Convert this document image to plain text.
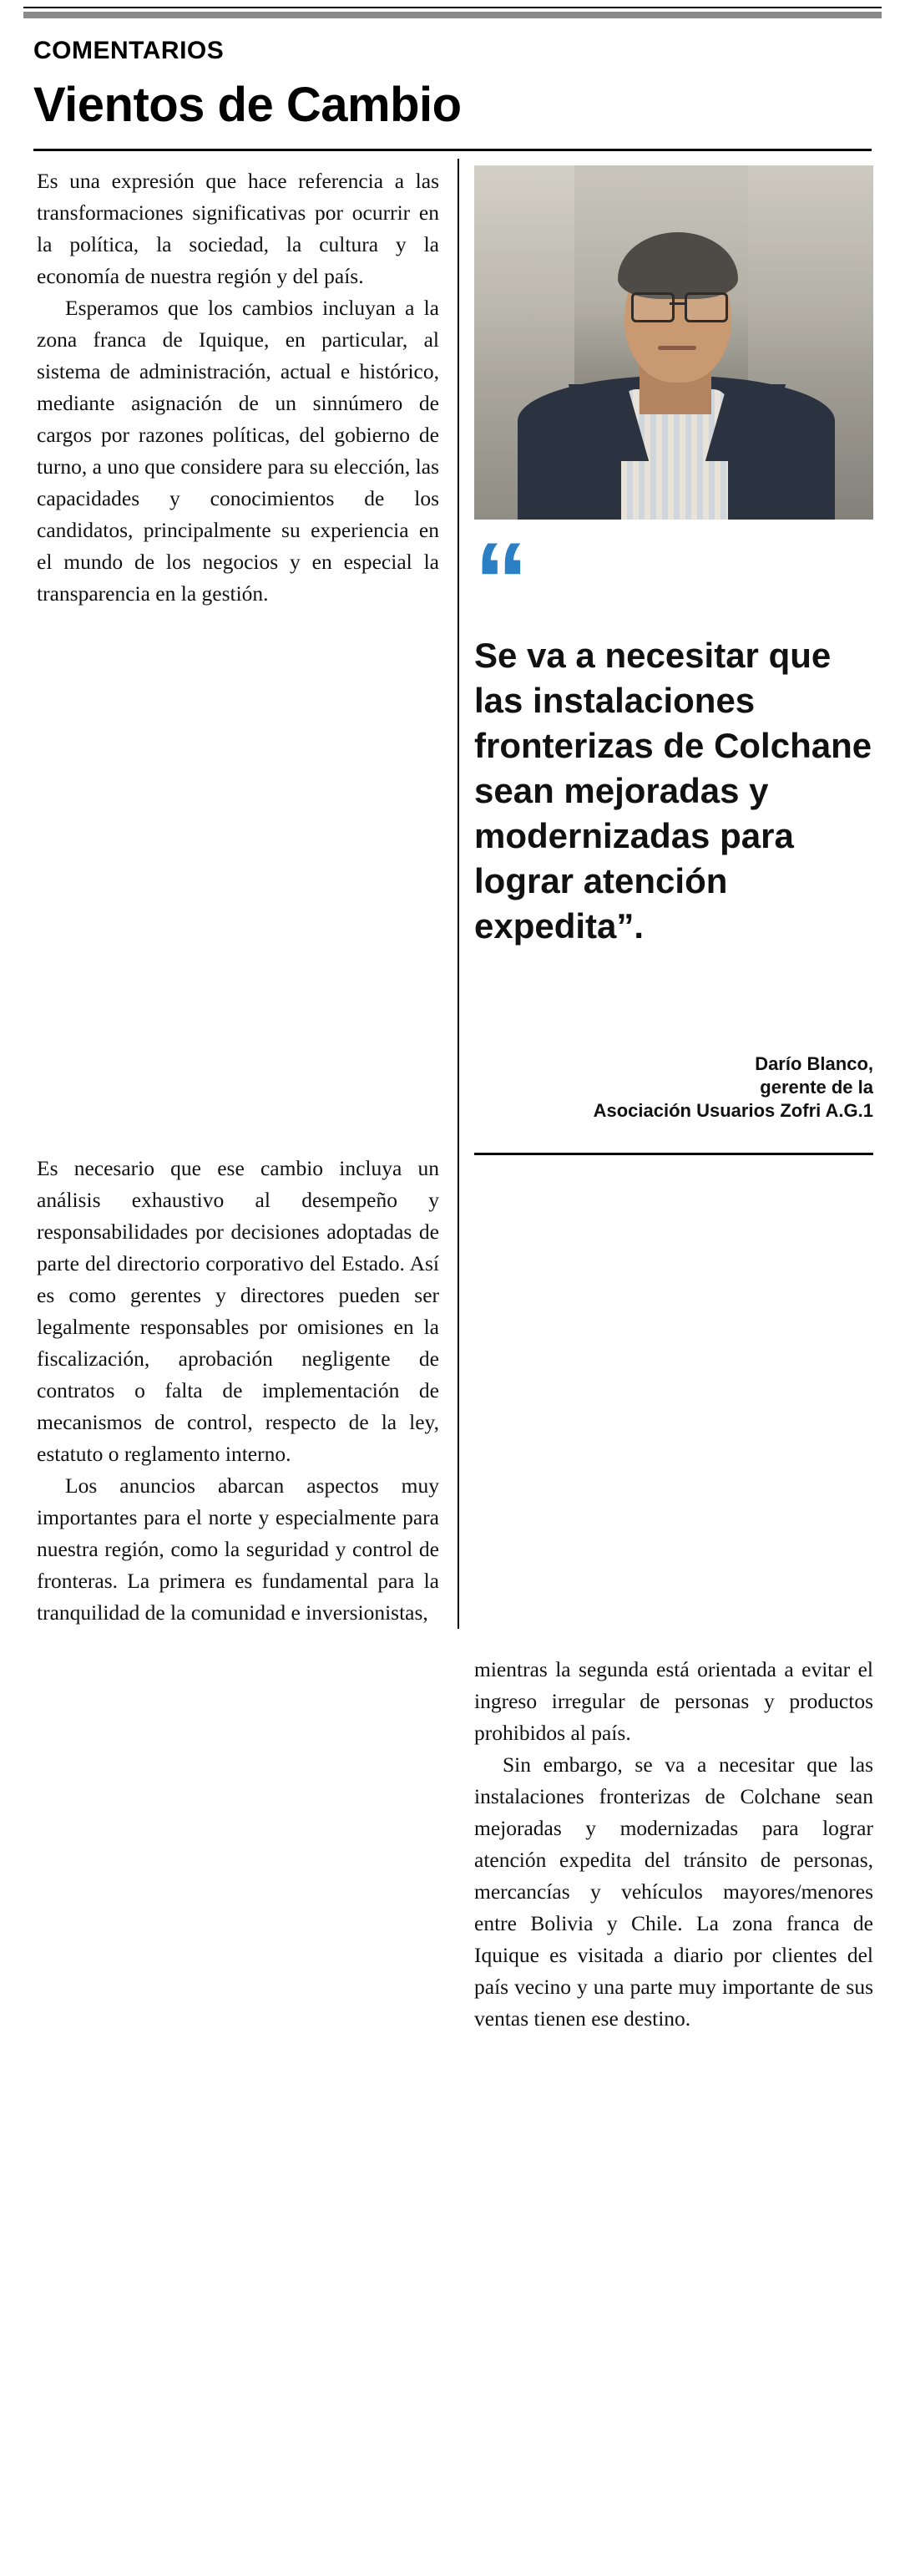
COMENTARIOS
Vientos de Cambio

Es una expresión que hace referencia a las transformaciones significativas por ocurrir en la política, la sociedad, la cultura y la economía de nuestra región y del país.

Esperamos que los cambios incluyan a la zona franca de Iquique, en particular, al sistema de administración, actual e histórico, mediante asignación de un sinnúmero de cargos por razones políticas, del gobierno de turno, a uno que considere para su elección, las capacidades y conocimientos de los candidatos, principalmente su experiencia en el mundo de los negocios y en especial la transparencia en la gestión.	“
Se va a necesitar que las instalaciones fronterizas de Colchane sean mejoradas y modernizadas para lograr atención expedita”.
Darío Blanco,
gerente de la
Asociación Usuarios Zofri A.G.1

Es necesario que ese cambio incluya un análisis exhaustivo al desempeño y responsabilidades por decisiones adoptadas de parte del directorio corporativo del Estado. Así es como gerentes y directores pueden ser legalmente responsables por omisiones en la fiscalización, aprobación negligente de contratos o falta de implementación de mecanismos de control, respecto de la ley, estatuto o reglamento interno.

Los anuncios abarcan aspectos muy importantes para el norte y especialmente para nuestra región, como la seguridad y control de fronteras. La primera es fundamental para la tranquilidad de la comunidad e inversionistas,

mientras la segunda está orientada a evitar el ingreso irregular de personas y productos prohibidos al país.

Sin embargo, se va a necesitar que las instalaciones fronterizas de Colchane sean mejoradas y modernizadas para lograr atención expedita del tránsito de personas, mercancías y vehículos mayores/menores entre Bolivia y Chile. La zona franca de Iquique es visitada a diario por clientes del país vecino y una parte muy importante de sus ventas tienen ese destino.
